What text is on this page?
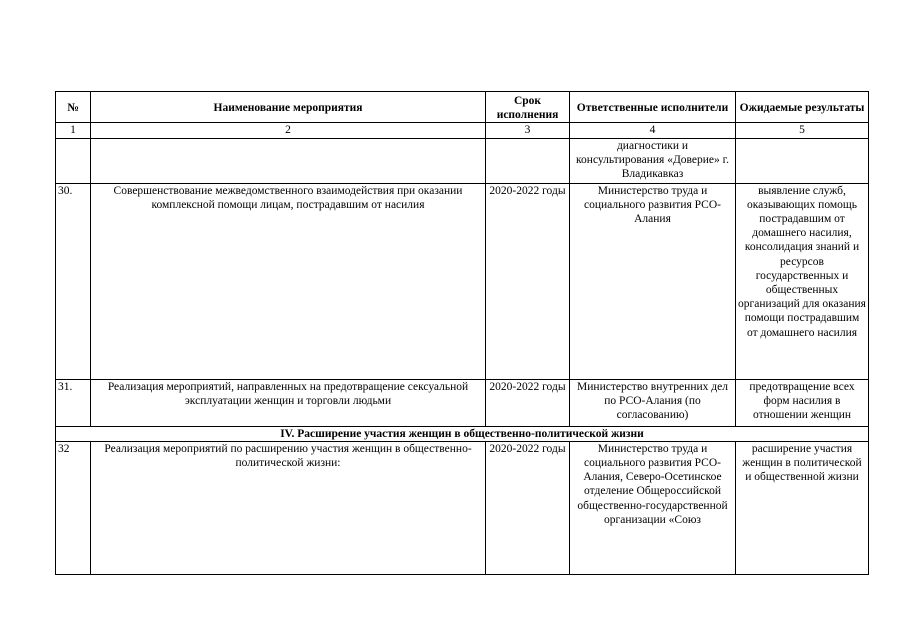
№	Наименование мероприятия	Срок исполнения	Ответственные исполнители	Ожидаемые результаты
1	2	3	4	5
			диагностики и консультирования «Доверие» г. Владикавказ	
30.	Совершенствование межведомственного взаимодействия при оказании комплексной помощи лицам, пострадавшим от насилия	2020-2022 годы	Министерство труда и социального развития РСО-Алания	выявление служб, оказывающих помощь пострадавшим от домашнего насилия, консолидация знаний и ресурсов государственных и общественных организаций для оказания помощи пострадавшим от домашнего насилия
31.	Реализация мероприятий, направленных на предотвращение сексуальной эксплуатации женщин и торговли людьми	2020-2022 годы	Министерство внутренних дел по РСО-Алания (по согласованию)	предотвращение всех форм насилия в отношении женщин
IV. Расширение участия женщин в общественно-политической жизни				
32	Реализация мероприятий по расширению участия женщин в общественно-политической жизни:	2020-2022 годы	Министерство труда и социального развития РСО-Алания, Северо-Осетинское отделение Общероссийской общественно-государственной организации «Союз	расширение участия женщин в политической и общественной жизни
